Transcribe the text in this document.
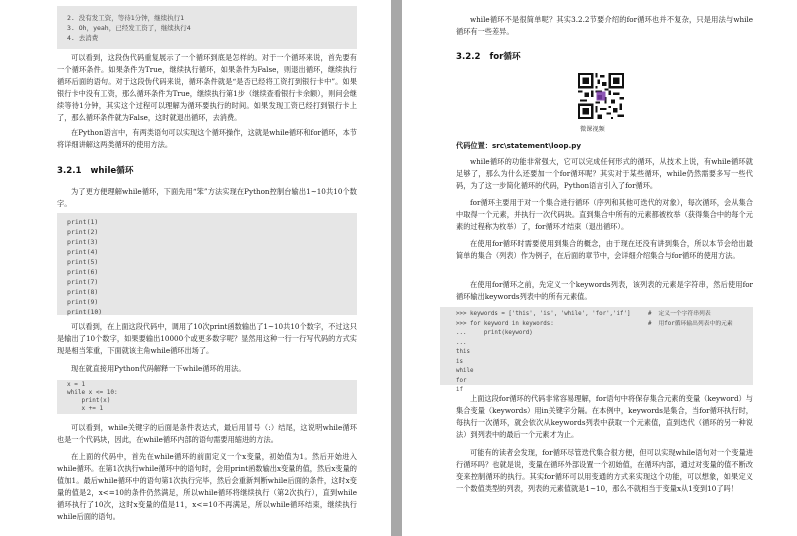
2. 没有发工资，等待1分钟，继续执行1
3. Oh，yeah，已经发工资了，继续执行4
4. 去消费

可以看到，这段伪代码重复展示了一个循环到底是怎样的。对于一个循环来说，首先要有一个循环条件。如果条件为True，继续执行循环，如果条件为False，则退出循环，继续执行循环后面的语句。对于这段伪代码来说，循环条件就是“是否已经将工资打到银行卡中”。如果银行卡中没有工资，那么循环条件为True，继续执行第1步（继续查看银行卡余额），则问会继续等待1分钟，其实这个过程可以理解为循环要执行的时间。如果发现工资已经打到银行卡上了，那么循环条件就为False，这时就退出循环，去消费。

在Python语言中，有两类语句可以实现这个循环操作，这就是while循环和for循环，本节将详细讲解这两类循环的使用方法。

3.2.1 while循环

为了更方便理解while循环，下面先用“笨”方法实现在Python控制台输出1~10共10个数字。

print(1)
print(2)
print(3)
print(4)
print(5)
print(6)
print(7)
print(8)
print(9)
print(10)

可以看到，在上面这段代码中，调用了10次print函数输出了1~10共10个数字，不过这只是输出了10个数字，如果要输出10000个或更多数字呢？显然用这种一行一行写代码的方式实现是相当笨重，下面就该主角while循环出场了。

现在就直接用Python代码解释一下while循环的用法。

x = 1
while x <= 10:
print(x)
x += 1

可以看到，while关键字的后面是条件表达式，最后用冒号（:）结尾，这说明while循环也是一个代码块，因此，在while循环内部的语句需要用缩进的方法。

在上面的代码中，首先在while循环的前面定义一个x变量，初始值为1。然后开始进入while循环。在第1次执行while循环中的语句时，会用print函数输出x变量的值，然后x变量的值加1。最后while循环中的语句第1次执行完毕，然后会重新判断while后面的条件，这时x变量的值是2，x<=10的条件仍然满足，所以while循环将继续执行（第2次执行），直到while循环执行了10次，这时x变量的值是11，x<=10不再满足，所以while循环结束，继续执行while后面的语句。

while循环不是很简单呢？其实3.2.2节要介绍的for循环也并不复杂，只是用法与while循环有一些差异。

3.2.2 for循环
微课视频
代码位置：src\statement\loop.py

while循环的功能非常强大，它可以完成任何形式的循环，从技术上说，有while循环就足够了，那么为什么还要加一个for循环呢？其实对于某些循环，while仍然需要多写一些代码，为了这一步简化循环的代码，Python语言引入了for循环。

for循环主要用于对一个集合进行循环（序列和其他可迭代的对象），每次循环，会从集合中取得一个元素，并执行一次代码块。直到集合中所有的元素都被枚举（获得集合中的每个元素的过程称为枚举）了，for循环才结束（退出循环）。

在使用for循环时需要使用到集合的概念，由于现在还没有讲到集合，所以本节会给出最简单的集合（列表）作为例子，在后面的章节中，会详细介绍集合与for循环的使用方法。

在使用for循环之前，先定义一个keywords列表，该列表的元素是字符串，然后使用for循环输出keywords列表中的所有元素值。

>>> keywords = ['this', 'is', 'while', 'for','if']	#  定义一个字符串列表
>>> for keyword in keywords:	#  用for循环输出列表中的元素
...     print(keyword)
...
this
is
while
for
if

上面这段for循环的代码非常容易理解，for语句中将保存集合元素的变量（keyword）与集合变量（keywords）用in关键字分隔。在本例中，keywords是集合，当for循环执行时，每执行一次循环，就会依次从keywords列表中获取一个元素值，直到迭代（循环的另一种说法）到列表中的最后一个元素才为止。

可能有的读者会发现，for循环尽管迭代集合很方便，但可以实现while语句对一个变量进行循环吗？也就是说，变量在循环外部设置一个初始值，在循环内部，通过对变量的值不断改变来控制循环的执行。其实for循环可以用变通的方式来实现这个功能，可以想象，如果定义一个数值类型的列表，列表的元素值就是1~10，那么不就相当于变量x从1变到10了吗！
